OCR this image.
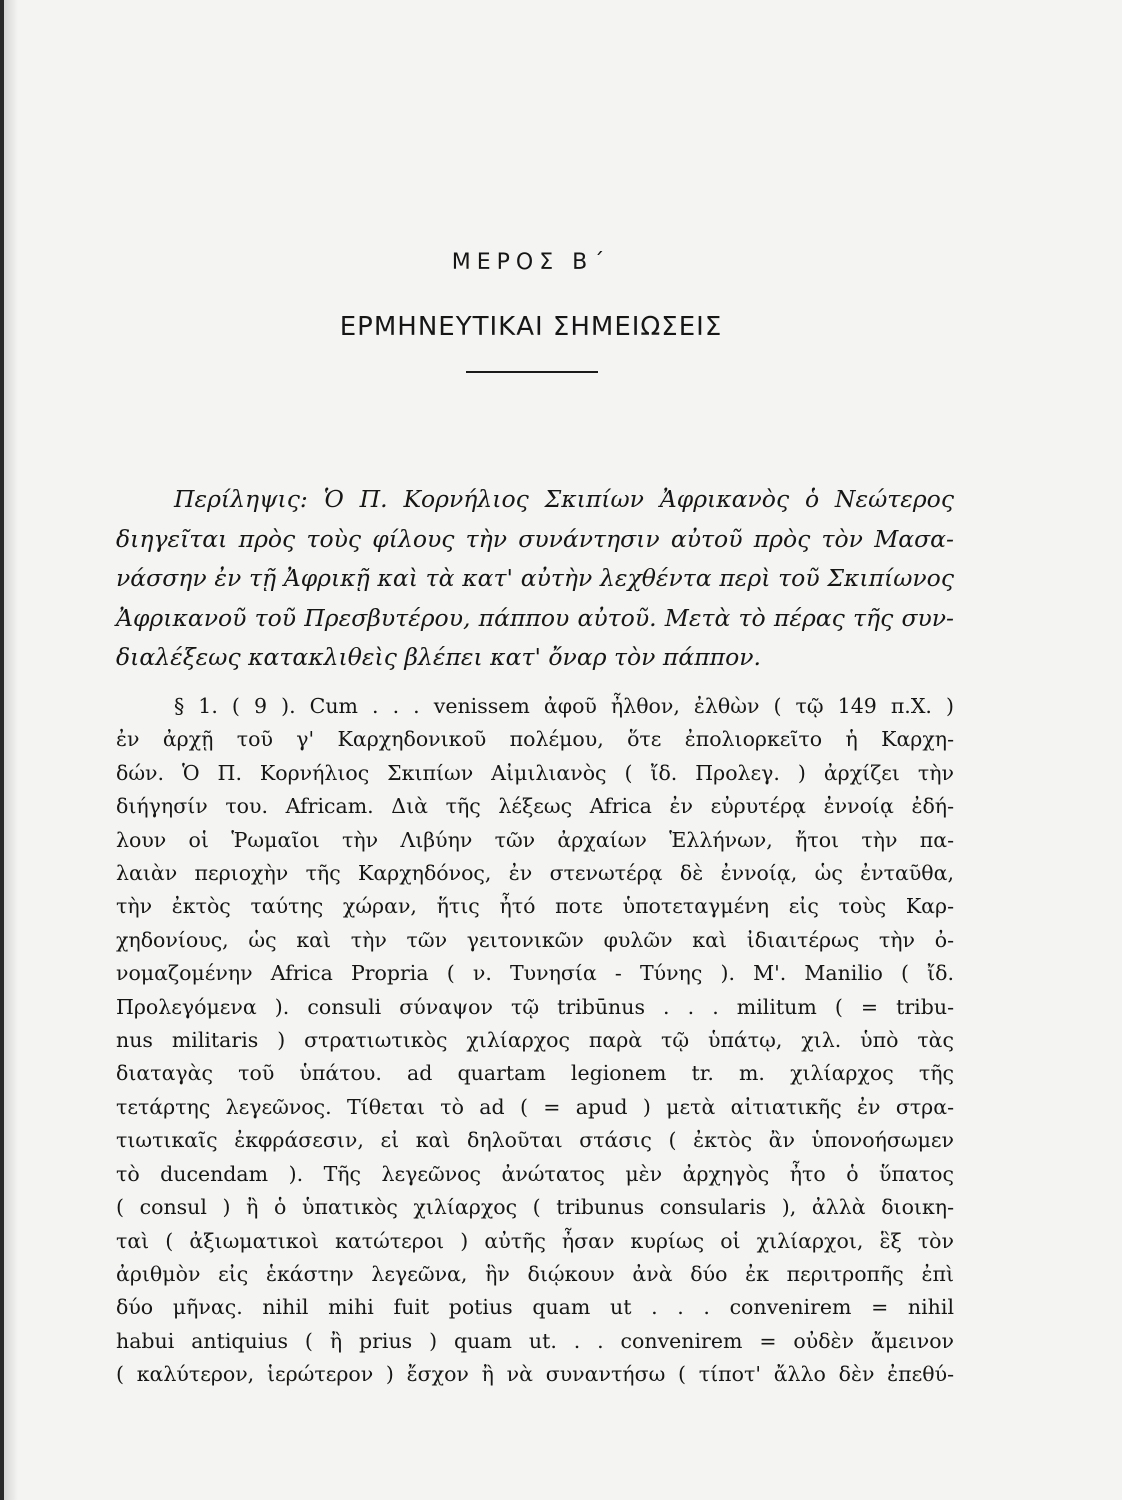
ΜΕΡΟΣ Β΄
ΕΡΜΗΝΕΥΤΙΚΑΙ ΣΗΜΕΙΩΣΕΙΣ
Περίληψις: Ὁ Π. Κορνήλιος Σκιπίων Ἀφρικανὸς ὁ Νεώτερος
διηγεῖται πρὸς τοὺς φίλους τὴν συνάντησιν αὐτοῦ πρὸς τὸν Μασα-
νάσσην ἐν τῇ Ἀφρικῇ καὶ τὰ κατ' αὐτὴν λεχθέντα περὶ τοῦ Σκιπίωνος
Ἀφρικανοῦ τοῦ Πρεσβυτέρου, πάππου αὐτοῦ. Μετὰ τὸ πέρας τῆς συν-
διαλέξεως κατακλιθεὶς βλέπει κατ' ὄναρ τὸν πάππον.
§ 1. ( 9 ). Cum . . . venissem ἀφοῦ ἦλθον, ἐλθὼν ( τῷ 149 π.Χ. )
ἐν ἀρχῇ τοῦ γ' Καρχηδονικοῦ πολέμου, ὅτε ἐπολιορκεῖτο ἡ Καρχη-
δών. Ὁ Π. Κορνήλιος Σκιπίων Αἰμιλιανὸς ( ἴδ. Προλεγ. ) ἀρχίζει τὴν
διήγησίν του. Africam. Διὰ τῆς λέξεως Africa ἐν εὐρυτέρᾳ ἐννοίᾳ ἐδή-
λουν οἱ Ῥωμαῖοι τὴν Λιβύην τῶν ἀρχαίων Ἑλλήνων, ἤτοι τὴν πα-
λαιὰν περιοχὴν τῆς Καρχηδόνος, ἐν στενωτέρᾳ δὲ ἐννοίᾳ, ὡς ἐνταῦθα,
τὴν ἐκτὸς ταύτης χώραν, ἥτις ἦτό ποτε ὑποτεταγμένη εἰς τοὺς Καρ-
χηδονίους, ὡς καὶ τὴν τῶν γειτονικῶν φυλῶν καὶ ἰδιαιτέρως τὴν ὀ-
νομαζομένην Africa Propria ( ν. Τυνησία - Τύνης ). M'. Manilio ( ἴδ.
Προλεγόμενα ). consuli σύναψον τῷ tribūnus . . . militum ( = tribu-
nus militaris ) στρατιωτικὸς χιλίαρχος παρὰ τῷ ὑπάτῳ, χιλ. ὑπὸ τὰς
διαταγὰς τοῦ ὑπάτου. ad quartam legionem tr. m. χιλίαρχος τῆς
τετάρτης λεγεῶνος. Τίθεται τὸ ad ( = apud ) μετὰ αἰτιατικῆς ἐν στρα-
τιωτικαῖς ἐκφράσεσιν, εἰ καὶ δηλοῦται στάσις ( ἐκτὸς ἂν ὑπονοήσωμεν
τὸ ducendam ). Τῆς λεγεῶνος ἀνώτατος μὲν ἀρχηγὸς ἦτο ὁ ὕπατος
( consul ) ἢ ὁ ὑπατικὸς χιλίαρχος ( tribunus consularis ), ἀλλὰ διοικη-
ταὶ ( ἀξιωματικοὶ κατώτεροι ) αὐτῆς ἦσαν κυρίως οἱ χιλίαρχοι, ἓξ τὸν
ἀριθμὸν εἰς ἑκάστην λεγεῶνα, ἣν διῴκουν ἀνὰ δύο ἐκ περιτροπῆς ἐπὶ
δύο μῆνας. nihil mihi fuit potius quam ut . . . convenirem = nihil
habui antiquius ( ἢ prius ) quam ut. . . convenirem = οὐδὲν ἄμεινον
( καλύτερον, ἱερώτερον ) ἔσχον ἢ νὰ συναντήσω ( τίποτ' ἄλλο δὲν ἐπεθύ-
